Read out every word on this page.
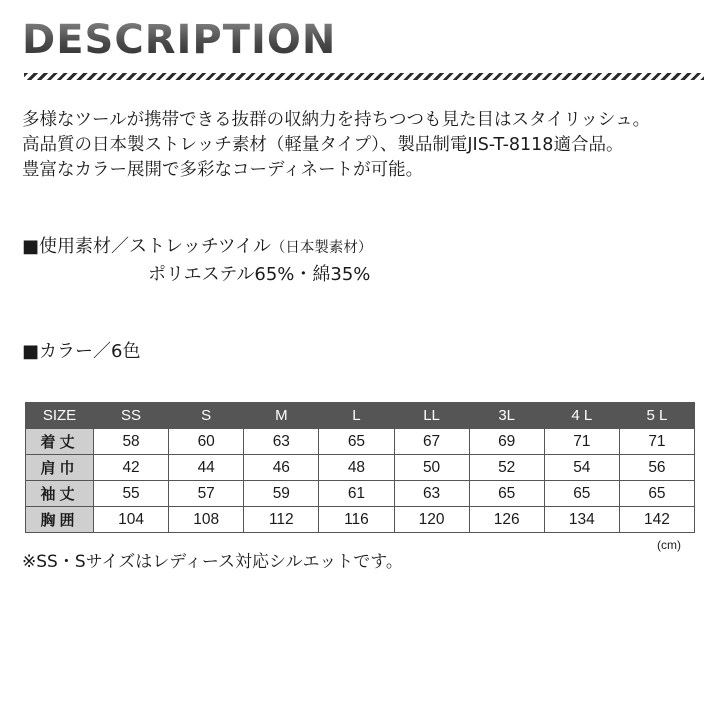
DESCRIPTION
多様なツールが携帯できる抜群の収納力を持ちつつも見た目はスタイリッシュ。
高品質の日本製ストレッチ素材（軽量タイプ）、製品制電JIS-T-8118適合品。
豊富なカラー展開で多彩なコーディネートが可能。
■使用素材／ストレッチツイル（日本製素材）
ポリエステル65%・綿35%
■カラー／6色
SIZE	SS	S	M	L	LL	3L	4 L	5 L
着丈	58	60	63	65	67	69	71	71
肩巾	42	44	46	48	50	52	54	56
袖丈	55	57	59	61	63	65	65	65
胸囲	104	108	112	116	120	126	134	142
(cm)
※SS・Sサイズはレディース対応シルエットです。
